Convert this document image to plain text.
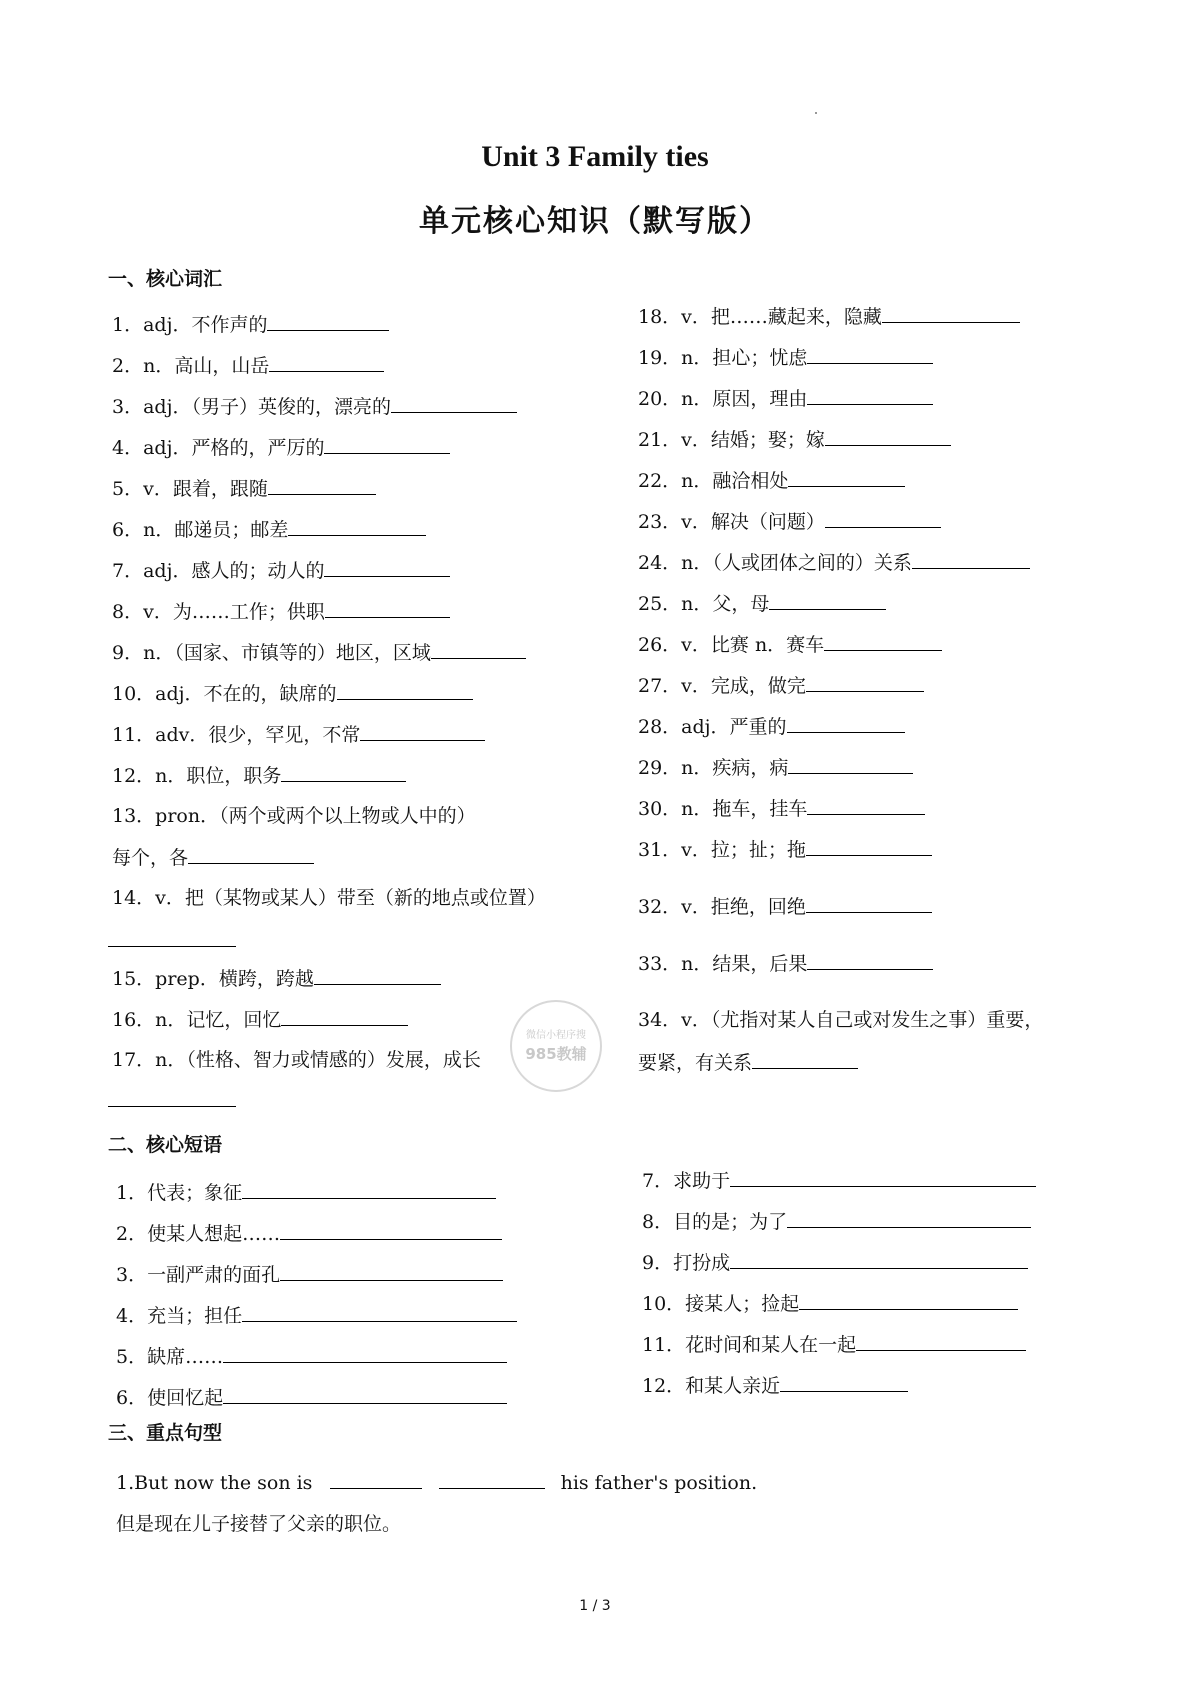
Unit 3 Family ties
单元核心知识（默写版）
一、核心词汇
二、核心短语
三、重点句型
微信小程序搜
985教辅
1．adj．不作声的
2．n．高山，山岳
3．adj．（男子）英俊的，漂亮的
4．adj．严格的，严厉的
5．v．跟着，跟随
6．n．邮递员；邮差
7．adj．感人的；动人的
8．v．为……工作；供职
9．n．（国家、市镇等的）地区，区域
10．adj．不在的，缺席的
11．adv．很少，罕见，不常
12．n．职位，职务
13．pron．（两个或两个以上物或人中的）
每个，各
14．v．把（某物或某人）带至（新的地点或位置）
15．prep．横跨，跨越
16．n．记忆，回忆
17．n．（性格、智力或情感的）发展，成长
18．v．把……藏起来，隐藏
19．n．担心；忧虑
20．n．原因，理由
21．v．结婚；娶；嫁
22．n．融洽相处
23．v．解决（问题）
24．n．（人或团体之间的）关系
25．n．父，母
26．v．比赛 n．赛车
27．v．完成，做完
28．adj．严重的
29．n．疾病，病
30．n．拖车，挂车
31．v．拉；扯；拖
32．v．拒绝，回绝
33．n．结果，后果
34．v．（尤指对某人自己或对发生之事）重要，
要紧，有关系
1．代表；象征
2．使某人想起……
3．一副严肃的面孔
4．充当；担任
5．缺席……
6．使回忆起
7．求助于
8．目的是；为了
9．打扮成
10．接某人；捡起
11．花时间和某人在一起
12．和某人亲近
1.But now the son is	his father's position.
但是现在儿子接替了父亲的职位。
1 / 3
